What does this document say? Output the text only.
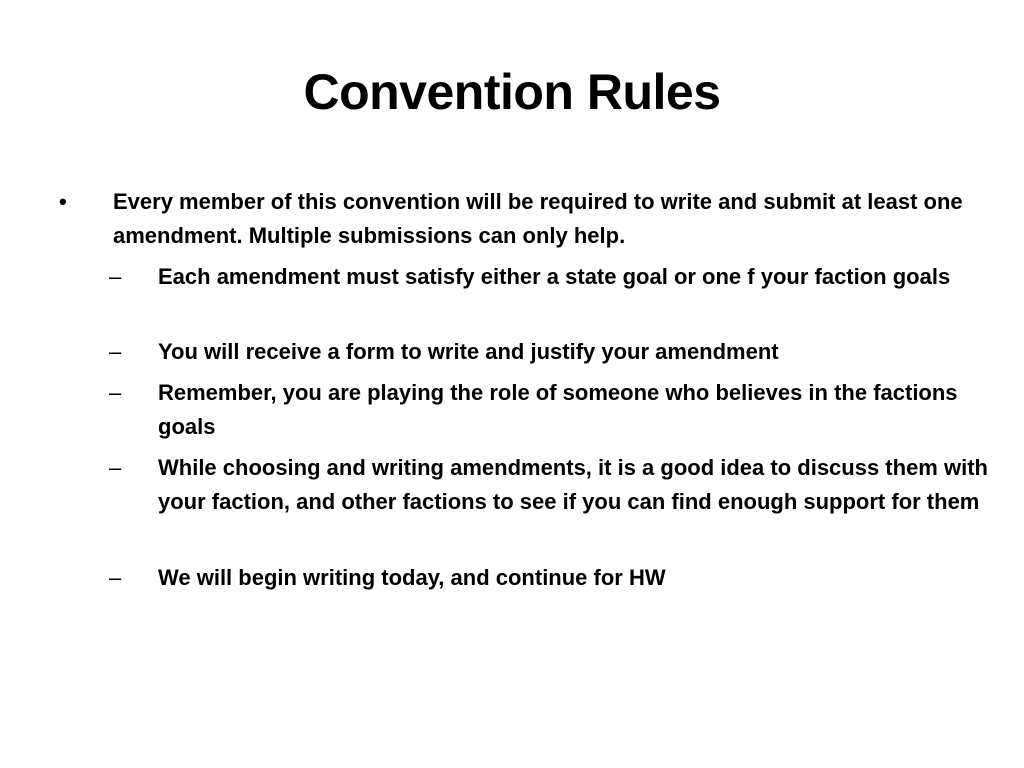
Convention Rules
• Every member of this convention will be required to write and submit at least one amendment. Multiple submissions can only help.
– Each amendment must satisfy either a state goal or one f your faction goals
– You will receive a form to write and justify your amendment
– Remember, you are playing the role of someone who believes in the factions goals
– While choosing and writing amendments, it is a good idea to discuss them with your faction, and other factions to see if you can find enough support for them
– We will begin writing today, and continue for HW
